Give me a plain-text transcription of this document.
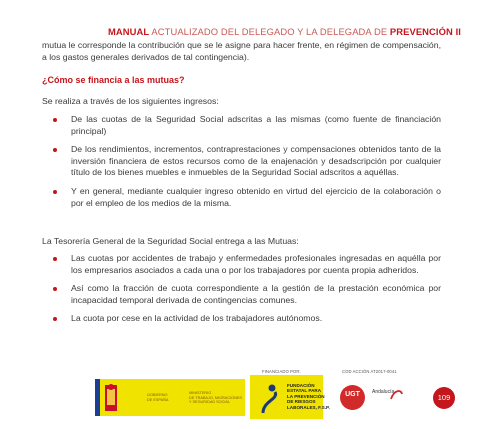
MANUAL ACTUALIZADO DEL DELEGADO Y LA DELEGADA DE PREVENCIÓN II
mutua le corresponde la contribución que se le asigne para hacer frente, en régimen de compensación, a los gastos generales derivados de tal contingencia).
¿Cómo se financia a las mutuas?
Se realiza a través de los siguientes ingresos:
De las cuotas de la Seguridad Social adscritas a las mismas (como fuente de financiación principal)
De los rendimientos, incrementos, contraprestaciones y compensaciones obtenidos tanto de la inversión financiera de estos recursos como de la enajenación y desadscripción por cualquier título de los bienes muebles e inmuebles de la Seguridad Social adscritos a aquéllas.
Y en general, mediante cualquier ingreso obtenido en virtud del ejercicio de la colaboración o por el empleo de los medios de la misma.
La Tesorería General de la Seguridad Social entrega a las Mutuas:
Las cuotas por accidentes de trabajo y enfermedades profesionales ingresadas en aquélla por los empresarios asociados a cada una o por los trabajadores por cuenta propia adheridos.
Así como la fracción de cuota correspondiente a la gestión de la prestación económica por incapacidad temporal derivada de contingencias comunes.
La cuota por cese en la actividad de los trabajadores autónomos.
FINANCIADO POR:	COD ACCIÓN AT2017-0041
GOBIERNO
DE ESPAÑA
MINISTERIO
DE TRABAJO, MIGRACIONES
Y SEGURIDAD SOCIAL
FUNDACIÓN
ESTATAL PARA
LA PREVENCIÓN
DE RIESGOS
LABORALES, F.S.P.
UGT	Andalucía
109
